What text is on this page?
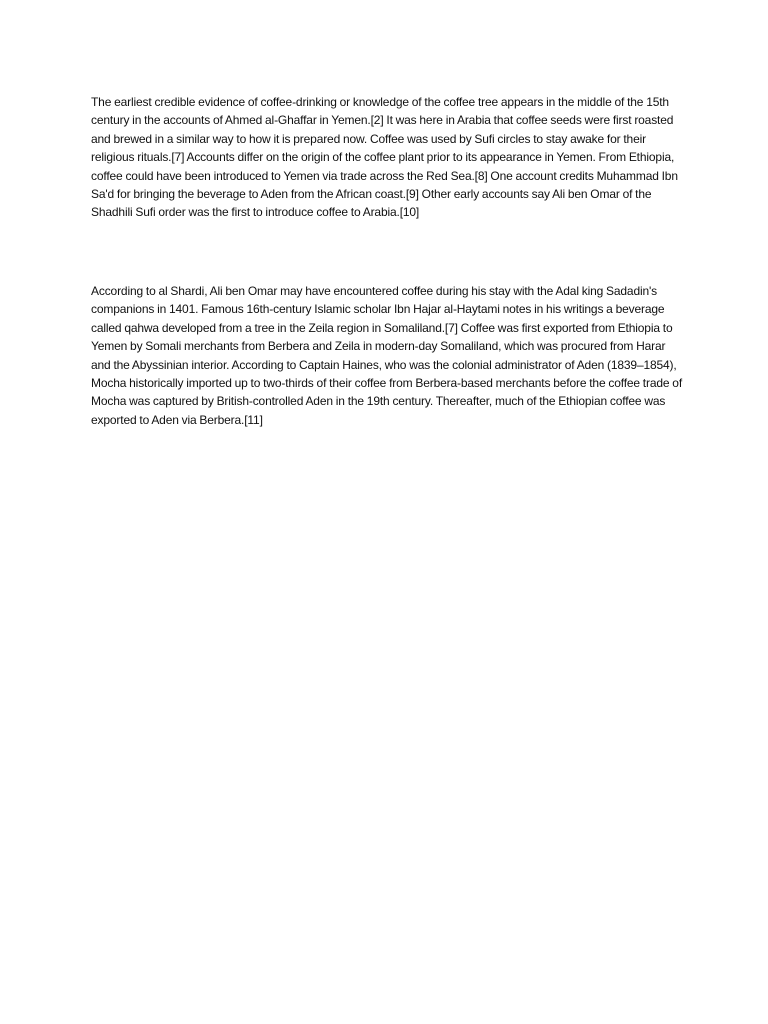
The earliest credible evidence of coffee-drinking or knowledge of the coffee tree appears in the middle of the 15th century in the accounts of Ahmed al-Ghaffar in Yemen.[2] It was here in Arabia that coffee seeds were first roasted and brewed in a similar way to how it is prepared now. Coffee was used by Sufi circles to stay awake for their religious rituals.[7] Accounts differ on the origin of the coffee plant prior to its appearance in Yemen. From Ethiopia, coffee could have been introduced to Yemen via trade across the Red Sea.[8] One account credits Muhammad Ibn Sa'd for bringing the beverage to Aden from the African coast.[9] Other early accounts say Ali ben Omar of the Shadhili Sufi order was the first to introduce coffee to Arabia.[10]

According to al Shardi, Ali ben Omar may have encountered coffee during his stay with the Adal king Sadadin's companions in 1401. Famous 16th-century Islamic scholar Ibn Hajar al-Haytami notes in his writings a beverage called qahwa developed from a tree in the Zeila region in Somaliland.[7] Coffee was first exported from Ethiopia to Yemen by Somali merchants from Berbera and Zeila in modern-day Somaliland, which was procured from Harar and the Abyssinian interior. According to Captain Haines, who was the colonial administrator of Aden (1839–1854), Mocha historically imported up to two-thirds of their coffee from Berbera-based merchants before the coffee trade of Mocha was captured by British-controlled Aden in the 19th century. Thereafter, much of the Ethiopian coffee was exported to Aden via Berbera.[11]
